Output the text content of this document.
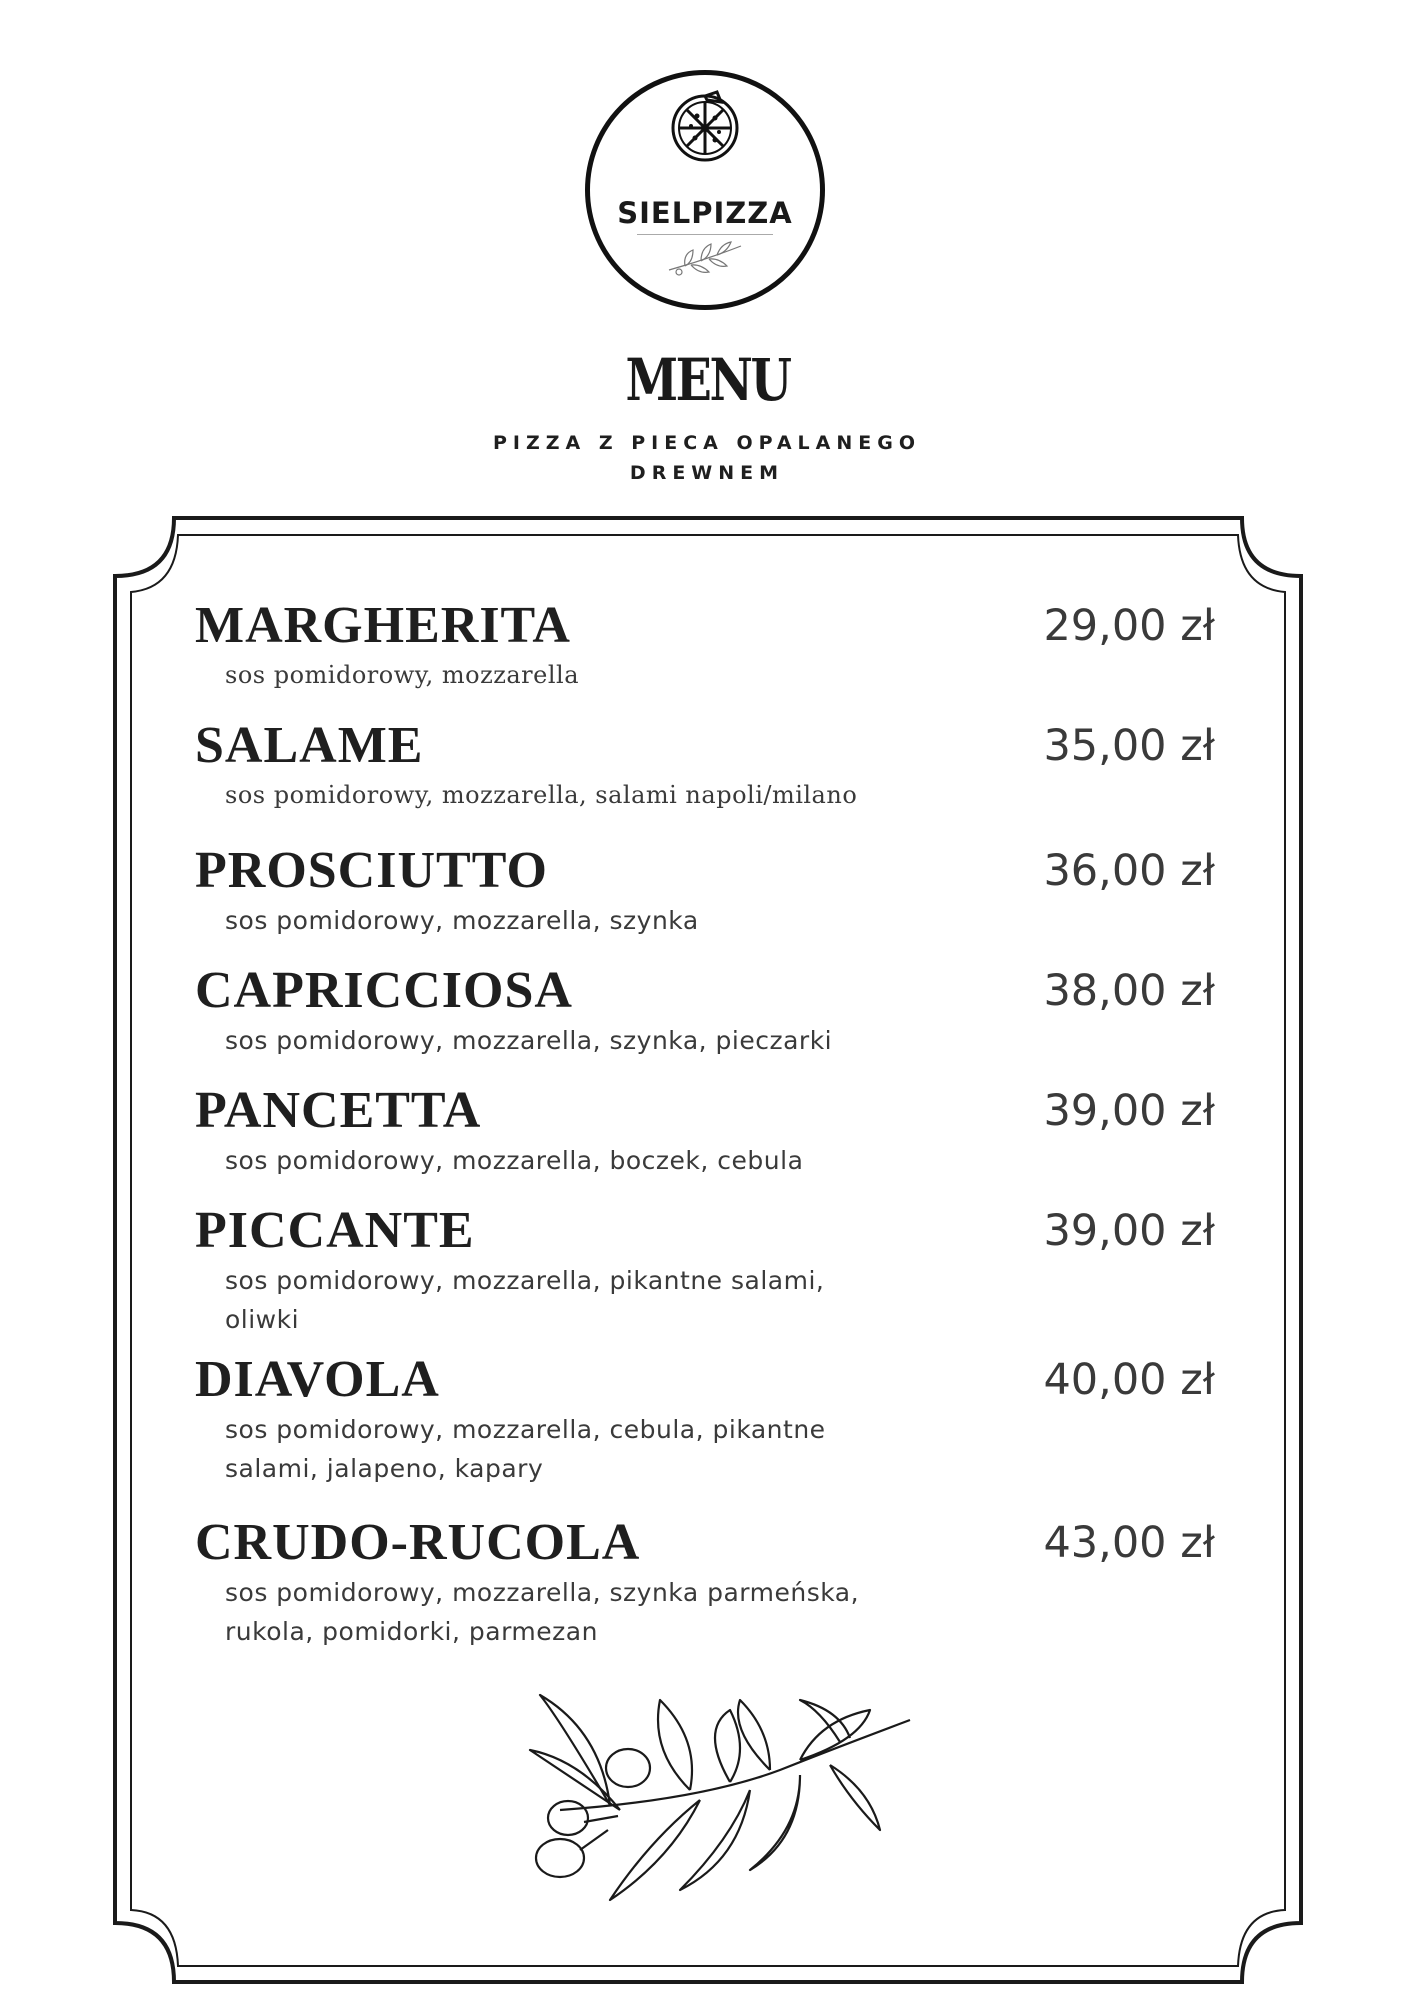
SIELPIZZA
MENU
PIZZA Z PIECA OPALANEGO
DREWNEM
MARGHERITA	29,00 zł
sos pomidorowy, mozzarella
SALAME	35,00 zł
sos pomidorowy, mozzarella, salami napoli/milano
PROSCIUTTO	36,00 zł
sos pomidorowy, mozzarella, szynka
CAPRICCIOSA	38,00 zł
sos pomidorowy, mozzarella, szynka, pieczarki
PANCETTA	39,00 zł
sos pomidorowy, mozzarella, boczek, cebula
PICCANTE	39,00 zł
sos pomidorowy, mozzarella, pikantne salami, oliwki
DIAVOLA	40,00 zł
sos pomidorowy, mozzarella, cebula, pikantne salami, jalapeno, kapary
CRUDO-RUCOLA	43,00 zł
sos pomidorowy, mozzarella, szynka parmeńska, rukola, pomidorki, parmezan
